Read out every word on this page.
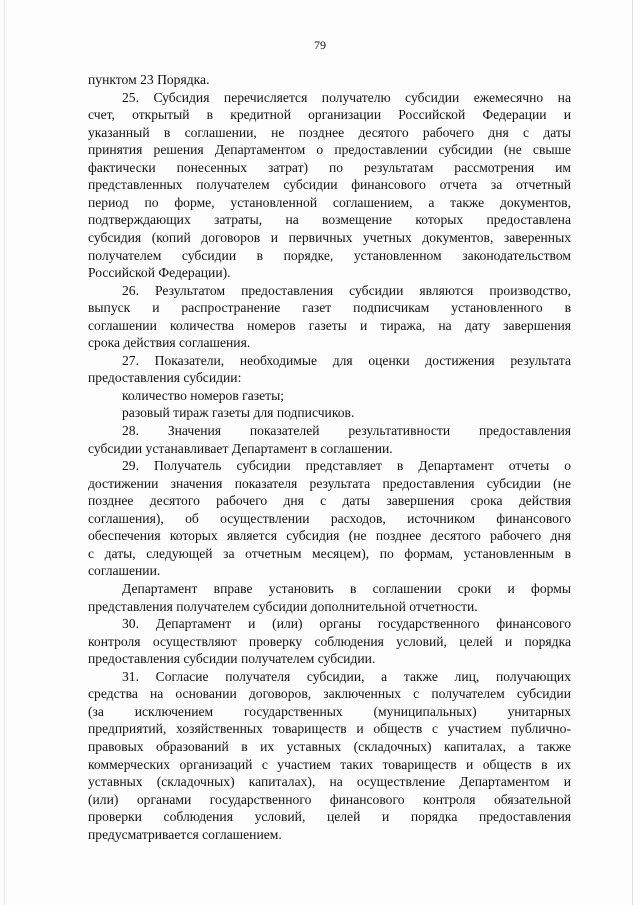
79
пунктом 23 Порядка.
25. Субсидия перечисляется получателю субсидии ежемесячно на
счет, открытый в кредитной организации Российской Федерации и
указанный в соглашении, не позднее десятого рабочего дня с даты
принятия решения Департаментом о предоставлении субсидии (не свыше
фактически понесенных затрат) по результатам рассмотрения им
представленных получателем субсидии финансового отчета за отчетный
период по форме, установленной соглашением, а также документов,
подтверждающих затраты, на возмещение которых предоставлена
субсидия (копий договоров и первичных учетных документов, заверенных
получателем субсидии в порядке, установленном законодательством
Российской Федерации).
26. Результатом предоставления субсидии являются производство,
выпуск и распространение газет подписчикам установленного в
соглашении количества номеров газеты и тиража, на дату завершения
срока действия соглашения.
27. Показатели, необходимые для оценки достижения результата
предоставления субсидии:
количество номеров газеты;
разовый тираж газеты для подписчиков.
28. Значения показателей результативности предоставления
субсидии устанавливает Департамент в соглашении.
29. Получатель субсидии представляет в Департамент отчеты о
достижении значения показателя результата предоставления субсидии (не
позднее десятого рабочего дня с даты завершения срока действия
соглашения), об осуществлении расходов, источником финансового
обеспечения которых является субсидия (не позднее десятого рабочего дня
с даты, следующей за отчетным месяцем), по формам, установленным в
соглашении.
Департамент вправе установить в соглашении сроки и формы
представления получателем субсидии дополнительной отчетности.
30. Департамент и (или) органы государственного финансового
контроля осуществляют проверку соблюдения условий, целей и порядка
предоставления субсидии получателем субсидии.
31. Согласие получателя субсидии, а также лиц, получающих
средства на основании договоров, заключенных с получателем субсидии
(за исключением государственных (муниципальных) унитарных
предприятий, хозяйственных товариществ и обществ с участием публично-
правовых образований в их уставных (складочных) капиталах, а также
коммерческих организаций с участием таких товариществ и обществ в их
уставных (складочных) капиталах), на осуществление Департаментом и
(или) органами государственного финансового контроля обязательной
проверки соблюдения условий, целей и порядка предоставления
предусматривается соглашением.
